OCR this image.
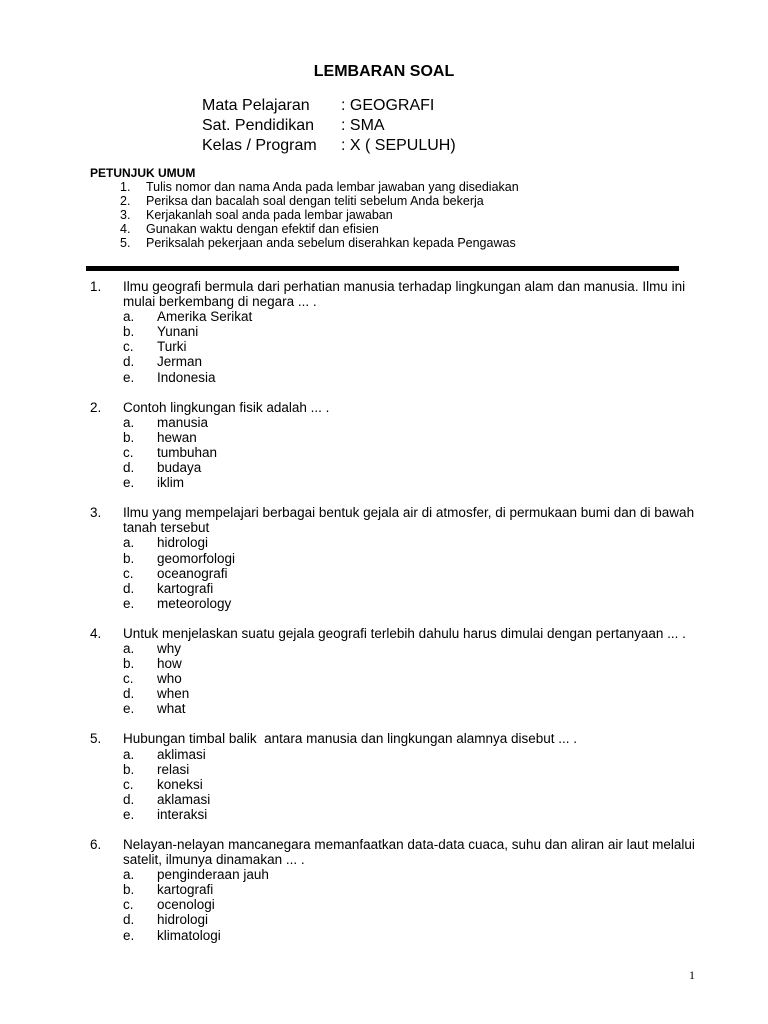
LEMBARAN SOAL
Mata Pelajaran	: GEOGRAFI
Sat. Pendidikan	: SMA
Kelas / Program	: X ( SEPULUH)
PETUNJUK UMUM
1.	Tulis nomor dan nama Anda pada lembar jawaban yang disediakan
2.	Periksa dan bacalah soal dengan teliti sebelum Anda bekerja
3.	Kerjakanlah soal anda pada lembar jawaban
4.	Gunakan waktu dengan efektif dan efisien
5.	Periksalah pekerjaan anda sebelum diserahkan kepada Pengawas
1.	Ilmu geografi bermula dari perhatian manusia terhadap lingkungan alam dan manusia. Ilmu ini mulai berkembang di negara ... .
a.	Amerika Serikat
b.	Yunani
c.	Turki
d.	Jerman
e.	Indonesia
2.	Contoh lingkungan fisik adalah ... .
a.	manusia
b.	hewan
c.	tumbuhan
d.	budaya
e.	iklim
3.	Ilmu yang mempelajari berbagai bentuk gejala air di atmosfer, di permukaan bumi dan di bawah tanah tersebut
a.	hidrologi
b.	geomorfologi
c.	oceanografi
d.	kartografi
e.	meteorology
4.	Untuk menjelaskan suatu gejala geografi terlebih dahulu harus dimulai dengan pertanyaan ... .
a.	why
b.	how
c.	who
d.	when
e.	what
5.	Hubungan timbal balik  antara manusia dan lingkungan alamnya disebut ... .
a.	aklimasi
b.	relasi
c.	koneksi
d.	aklamasi
e.	interaksi
6.	Nelayan-nelayan mancanegara memanfaatkan data-data cuaca, suhu dan aliran air laut melalui satelit, ilmunya dinamakan ... .
a.	penginderaan jauh
b.	kartografi
c.	ocenologi
d.	hidrologi
e.	klimatologi
1
